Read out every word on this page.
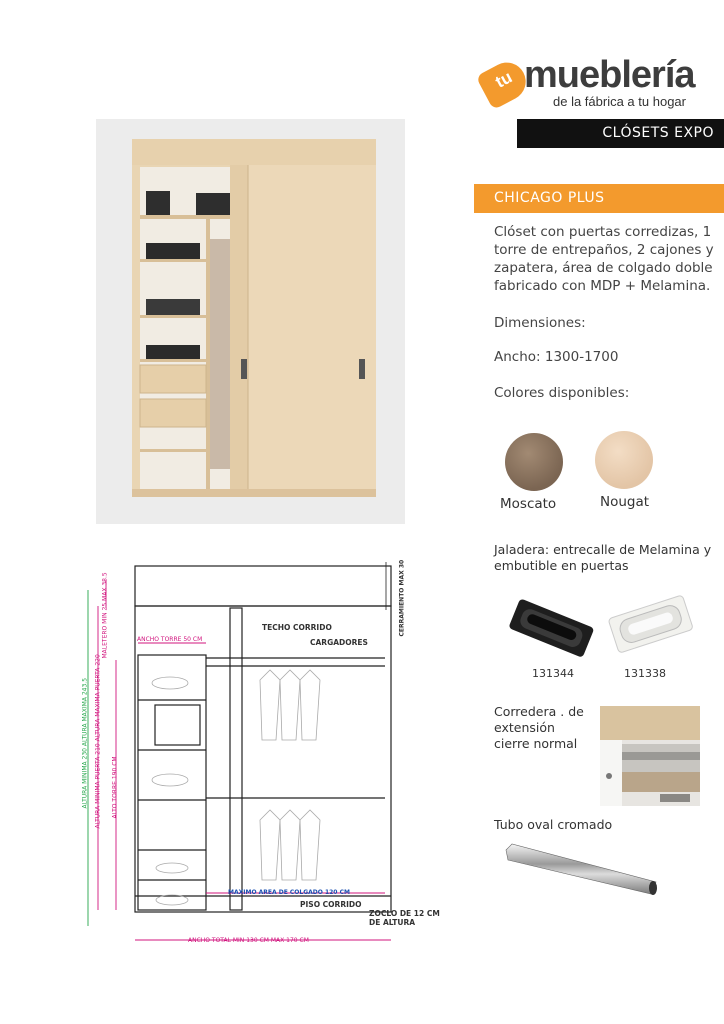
tu mueblería
de la fábrica a tu hogar
CLÓSETS EXPO
CHICAGO PLUS
Clóset con puertas corredizas, 1 torre de entrepaños, 2 cajones y zapatera, área de colgado doble fabricado con MDP + Melamina.
Dimensiones:
Ancho: 1300-1700
Colores disponibles:
Moscato	Nougat
Jaladera: entrecalle de Melamina y embutible en puertas
131344	131338
Corredera . de extensión cierre normal
Tubo oval cromado
TECHO CORRIDO
CARGADORES
ANCHO TORRE 50 CM
MAXIMO AREA DE COLGADO 120 CM
PISO CORRIDO
ZOCLO DE 12 CM DE ALTURA
ANCHO TOTAL MIN 130 CM MAX 170 CM
CERRAMIENTO MAX 30
ALTURA MINIMA 230 ALTURA MAXIMA 243.5 ALTURA MINIMA PUERTA 210 ALTURA MAXIMA PUERTA 220
MALETERO MIN 25 MAX 38.5
ALTO TORRE 190 CM
